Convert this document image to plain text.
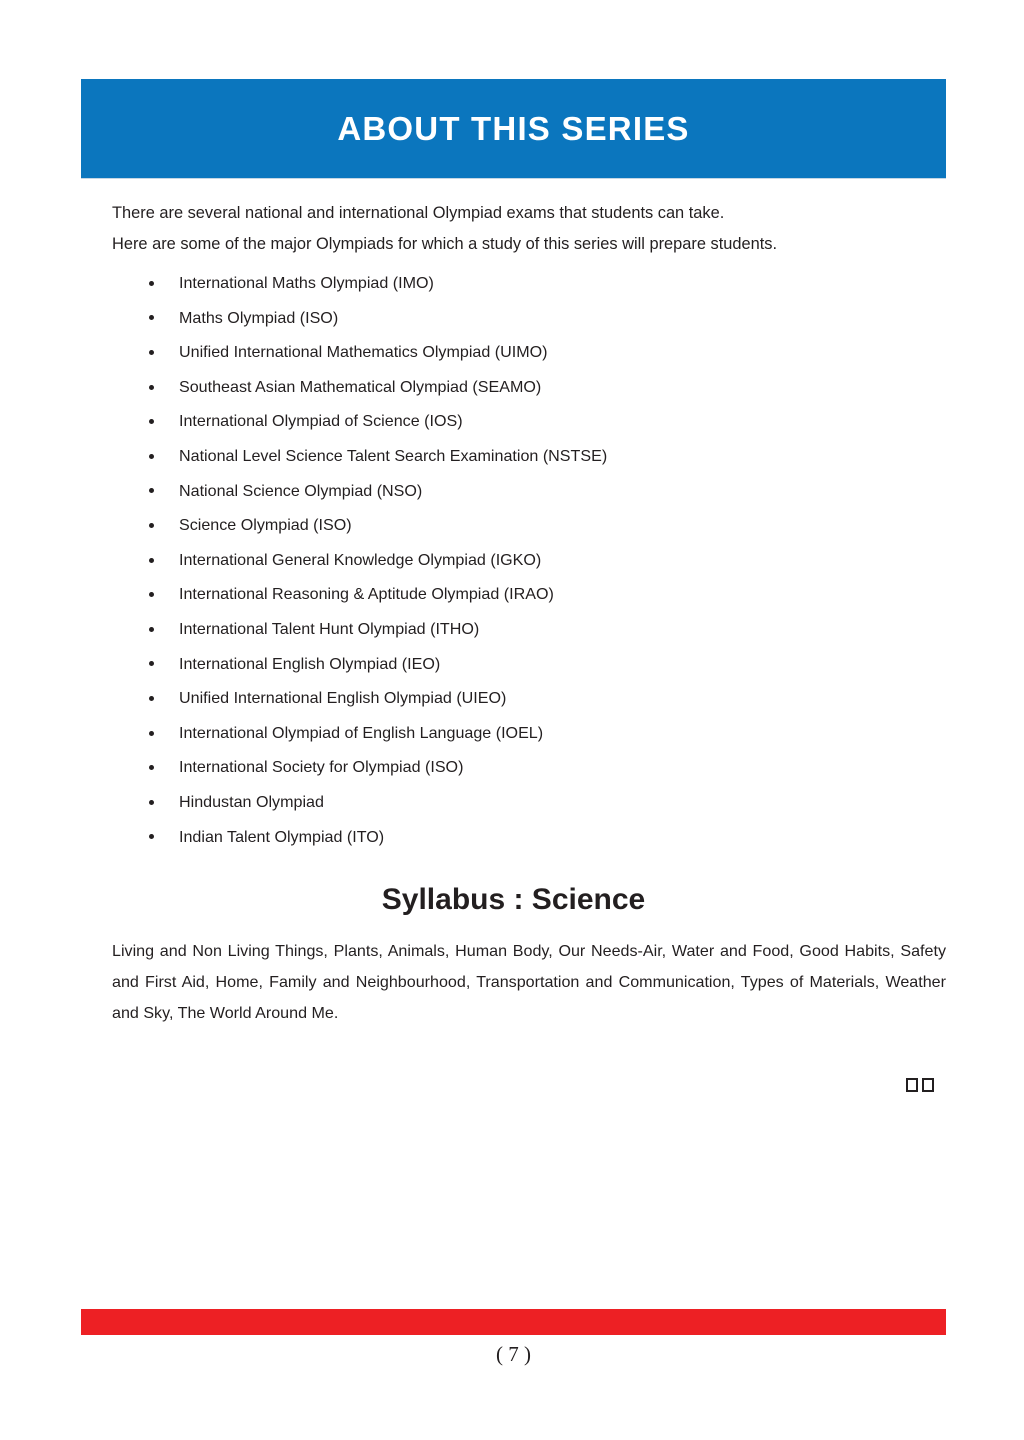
ABOUT THIS SERIES
There are several national and international Olympiad exams that students can take.
Here are some of the major Olympiads for which a study of this series will prepare students.
International Maths Olympiad (IMO)
Maths Olympiad (ISO)
Unified International Mathematics Olympiad (UIMO)
Southeast Asian Mathematical Olympiad (SEAMO)
International Olympiad of Science (IOS)
National Level Science Talent Search Examination (NSTSE)
National Science Olympiad (NSO)
Science Olympiad (ISO)
International General Knowledge Olympiad (IGKO)
International Reasoning & Aptitude Olympiad (IRAO)
International Talent Hunt Olympiad (ITHO)
International English Olympiad (IEO)
Unified International English Olympiad (UIEO)
International Olympiad of English Language (IOEL)
International Society for Olympiad (ISO)
Hindustan Olympiad
Indian Talent Olympiad (ITO)
Syllabus : Science

Living and Non Living Things, Plants, Animals, Human Body, Our Needs-Air, Water and Food, Good Habits, Safety and First Aid, Home, Family and Neighbourhood, Transportation and Communication, Types of Materials, Weather and Sky, The World Around Me.

( 7 )
